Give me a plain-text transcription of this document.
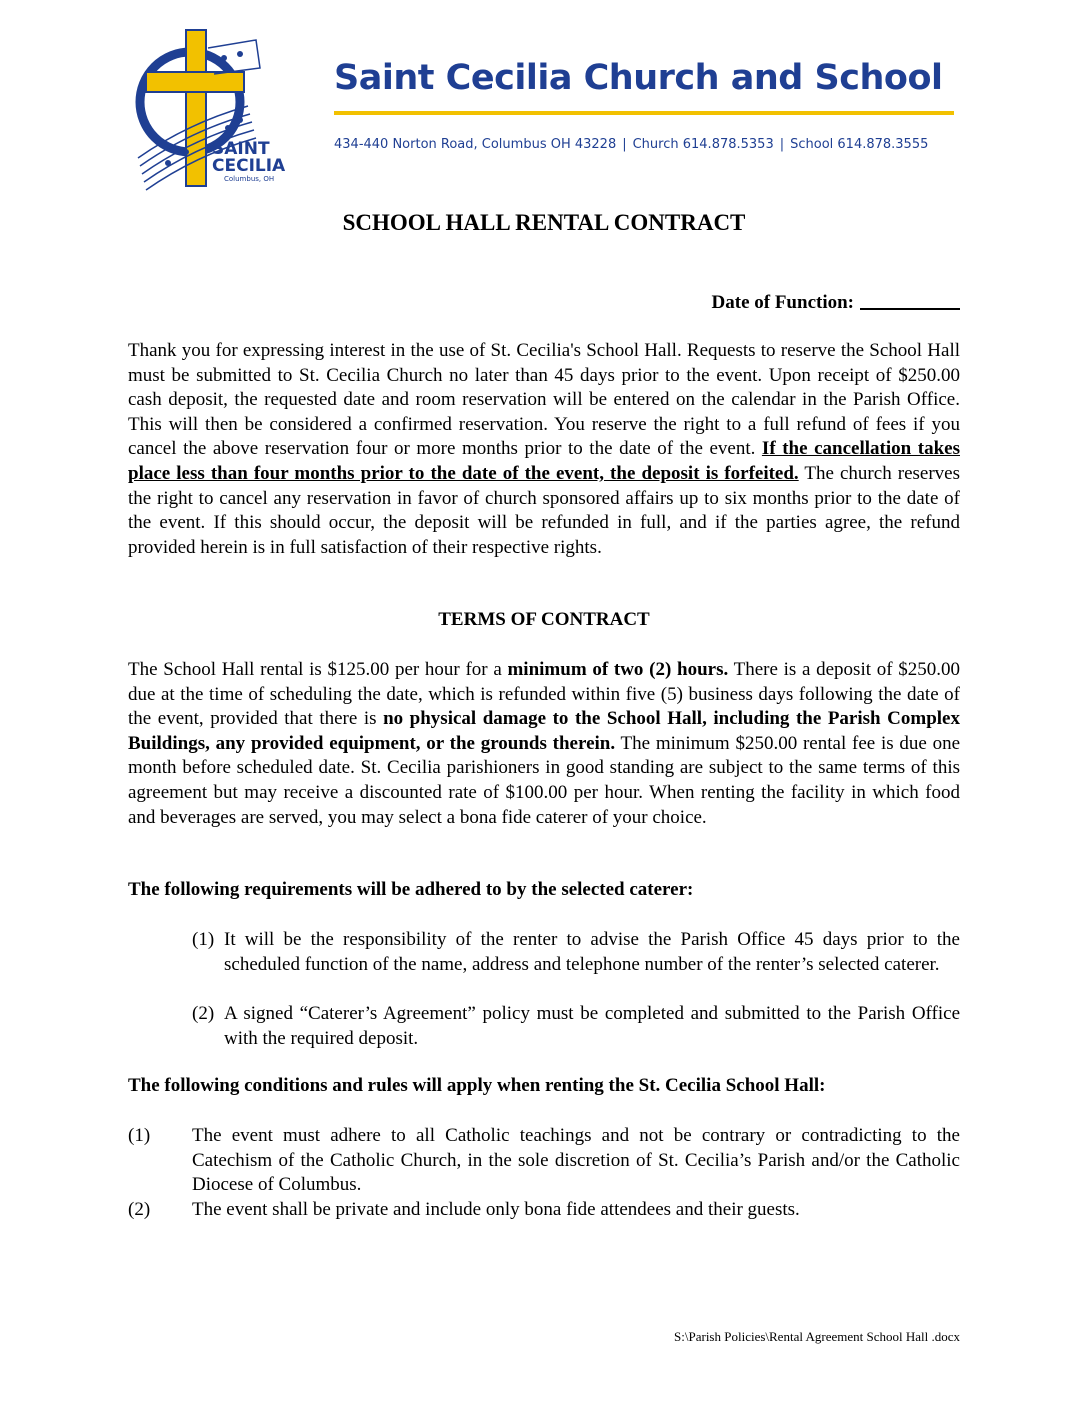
SAINT
CECILIA
Columbus, OH
Saint Cecilia Church and School
434-440 Norton Road, Columbus OH 43228 | Church 614.878.5353 | School 614.878.3555
SCHOOL HALL RENTAL CONTRACT
Date of Function:
Thank you for expressing interest in the use of St. Cecilia's School Hall. Requests to reserve the School Hall must be submitted to St. Cecilia Church no later than 45 days prior to the event. Upon receipt of $250.00 cash deposit, the requested date and room reservation will be entered on the calendar in the Parish Office. This will then be considered a confirmed reservation. You reserve the right to a full refund of fees if you cancel the above reservation four or more months prior to the date of the event. If the cancellation takes place less than four months prior to the date of the event, the deposit is forfeited. The church reserves the right to cancel any reservation in favor of church sponsored affairs up to six months prior to the date of the event. If this should occur, the deposit will be refunded in full, and if the parties agree, the refund provided herein is in full satisfaction of their respective rights.
TERMS OF CONTRACT
The School Hall rental is $125.00 per hour for a minimum of two (2) hours. There is a deposit of $250.00 due at the time of scheduling the date, which is refunded within five (5) business days following the date of the event, provided that there is no physical damage to the School Hall, including the Parish Complex Buildings, any provided equipment, or the grounds therein. The minimum $250.00 rental fee is due one month before scheduled date. St. Cecilia parishioners in good standing are subject to the same terms of this agreement but may receive a discounted rate of $100.00 per hour. When renting the facility in which food and beverages are served, you may select a bona fide caterer of your choice.
The following requirements will be adhered to by the selected caterer:
(1) It will be the responsibility of the renter to advise the Parish Office 45 days prior to the scheduled function of the name, address and telephone number of the renter’s selected caterer.
(2) A signed “Caterer’s Agreement” policy must be completed and submitted to the Parish Office with the required deposit.
The following conditions and rules will apply when renting the St. Cecilia School Hall:
(1) The event must adhere to all Catholic teachings and not be contrary or contradicting to the Catechism of the Catholic Church, in the sole discretion of St. Cecilia’s Parish and/or the Catholic Diocese of Columbus.
(2) The event shall be private and include only bona fide attendees and their guests.
S:\Parish Policies\Rental Agreement School Hall .docx
